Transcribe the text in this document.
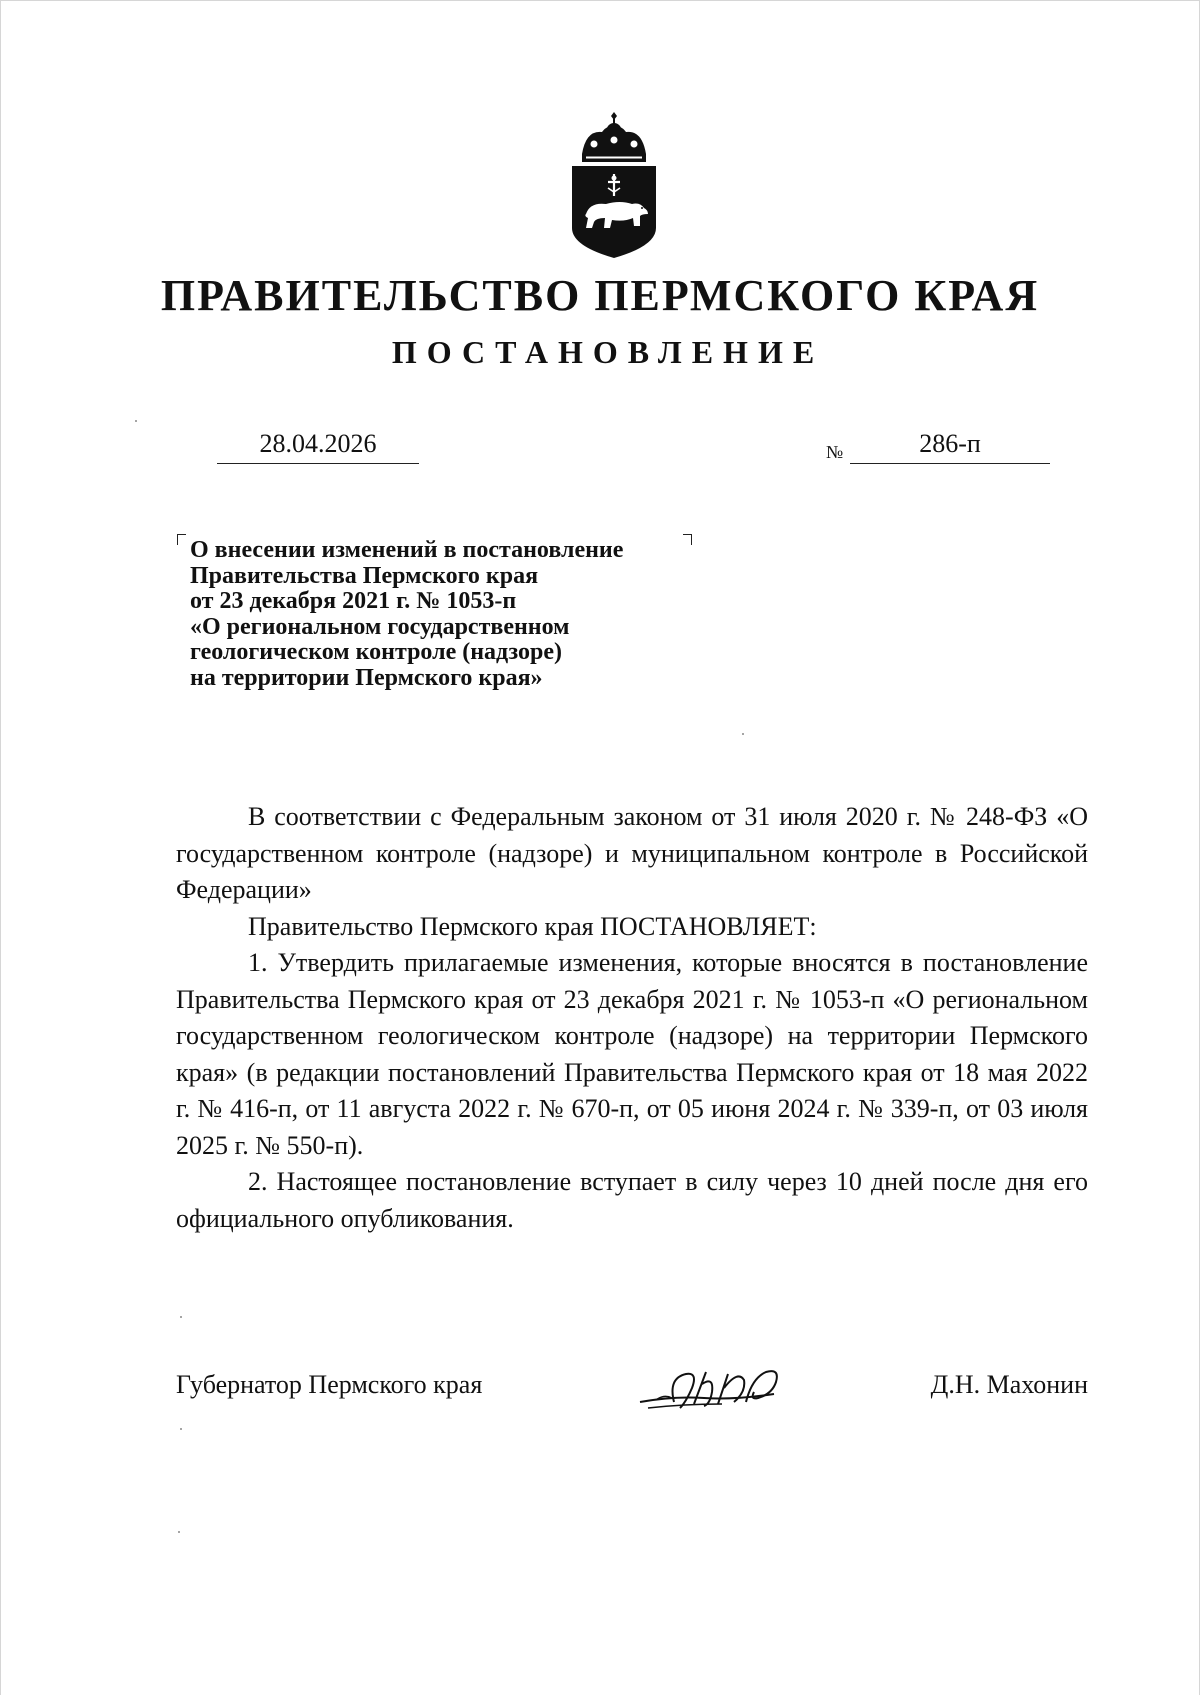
ПРАВИТЕЛЬСТВО ПЕРМСКОГО КРАЯ
ПОСТАНОВЛЕНИЕ
28.04.2026	№	286-п
О внесении изменений в постановление
Правительства Пермского края
от 23 декабря 2021 г. № 1053-п
«О региональном государственном
геологическом контроле (надзоре)
на территории Пермского края»

В соответствии с Федеральным законом от 31 июля 2020 г. № 248-ФЗ «О государственном контроле (надзоре) и муниципальном контроле в Российской Федерации»

Правительство Пермского края ПОСТАНОВЛЯЕТ:

1. Утвердить прилагаемые изменения, которые вносятся в постановление Правительства Пермского края от 23 декабря 2021 г. № 1053-п «О региональном государственном геологическом контроле (надзоре) на территории Пермского края» (в редакции постановлений Правительства Пермского края от 18 мая 2022 г. № 416-п, от 11 августа 2022 г. № 670-п, от 05 июня 2024 г. № 339-п, от 03 июля 2025 г. № 550-п).

2. Настоящее постановление вступает в силу через 10 дней после дня его официального опубликования.

Губернатор Пермского края	Д.Н. Махонин
